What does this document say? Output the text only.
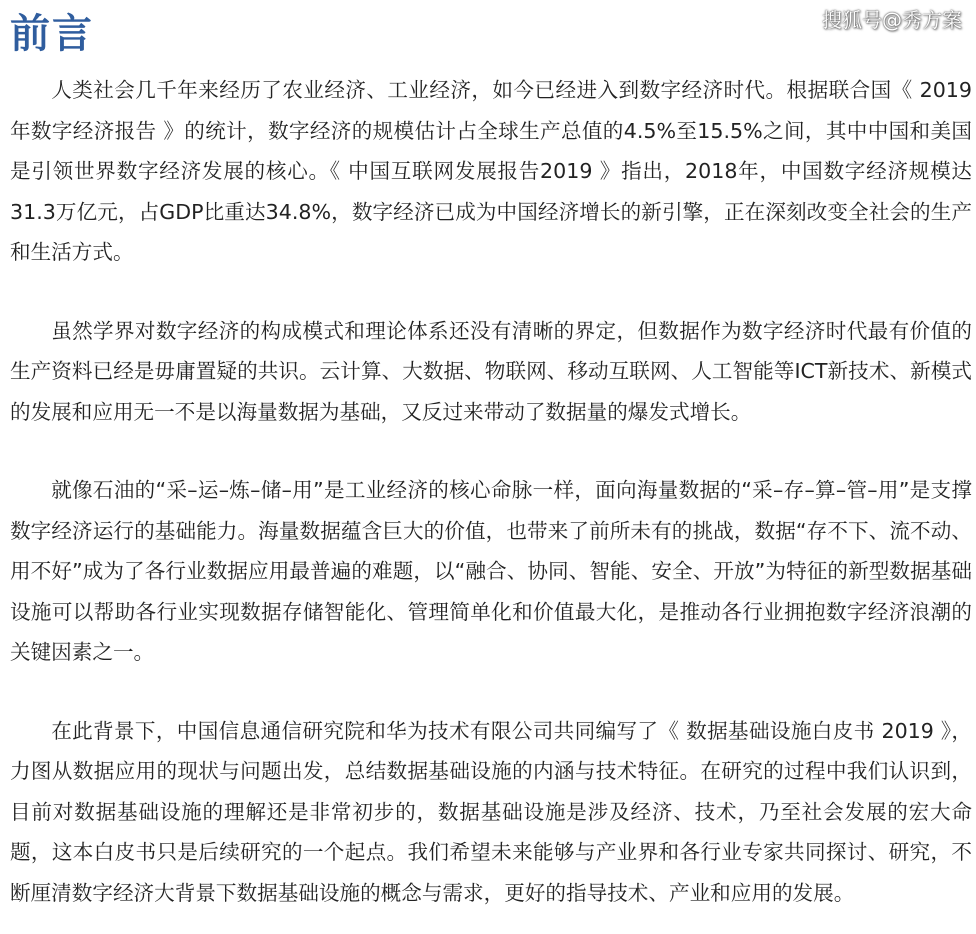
前言	搜狐号@秀方案

人类社会几千年来经历了农业经济、工业经济，如今已经进入到数字经济时代。根据联合国《 2019年数字经济报告 》的统计，数字经济的规模估计占全球生产总值的4.5%至15.5%之间，其中中国和美国是引领世界数字经济发展的核心。《 中国互联网发展报告2019 》指出，2018年，中国数字经济规模达31.3万亿元，占GDP比重达34.8%，数字经济已成为中国经济增长的新引擎，正在深刻改变全社会的生产和生活方式。

虽然学界对数字经济的构成模式和理论体系还没有清晰的界定，但数据作为数字经济时代最有价值的生产资料已经是毋庸置疑的共识。云计算、大数据、物联网、移动互联网、人工智能等ICT新技术、新模式的发展和应用无一不是以海量数据为基础，又反过来带动了数据量的爆发式增长。

就像石油的“采–运–炼–储–用”是工业经济的核心命脉一样，面向海量数据的“采–存–算–管–用”是支撑数字经济运行的基础能力。海量数据蕴含巨大的价值，也带来了前所未有的挑战，数据“存不下、流不动、用不好”成为了各行业数据应用最普遍的难题，以“融合、协同、智能、安全、开放”为特征的新型数据基础设施可以帮助各行业实现数据存储智能化、管理简单化和价值最大化，是推动各行业拥抱数字经济浪潮的关键因素之一。

在此背景下，中国信息通信研究院和华为技术有限公司共同编写了《 数据基础设施白皮书 2019 》，力图从数据应用的现状与问题出发，总结数据基础设施的内涵与技术特征。在研究的过程中我们认识到，目前对数据基础设施的理解还是非常初步的，数据基础设施是涉及经济、技术，乃至社会发展的宏大命题，这本白皮书只是后续研究的一个起点。我们希望未来能够与产业界和各行业专家共同探讨、研究，不断厘清数字经济大背景下数据基础设施的概念与需求，更好的指导技术、产业和应用的发展。
